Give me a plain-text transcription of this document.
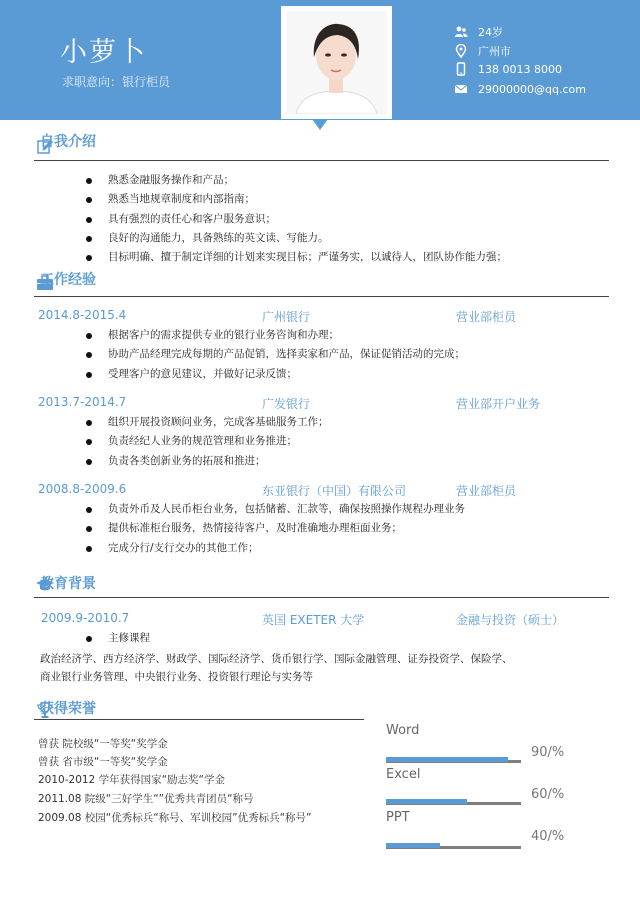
小萝卜
求职意向：银行柜员
24岁
广州市
138 0013 8000
29000000@qq.com
自我介绍
熟悉金融服务操作和产品；
熟悉当地规章制度和内部指南；
具有强烈的责任心和客户服务意识；
良好的沟通能力，具备熟练的英文读、写能力。
目标明确、擅于制定详细的计划来实现目标；严谨务实，以诚待人，团队协作能力强；
工作经验
2014.8-2015.4	广州银行	营业部柜员
根据客户的需求提供专业的银行业务咨询和办理；
协助产品经理完成每期的产品促销，选择卖家和产品，保证促销活动的完成；
受理客户的意见建议，并做好记录反馈；
2013.7-2014.7	广发银行	营业部开户业务
组织开展投资顾问业务，完成客基础服务工作；
负责经纪人业务的规范管理和业务推进；
负责各类创新业务的拓展和推进；
2008.8-2009.6	东亚银行（中国）有限公司	营业部柜员
负责外币及人民币柜台业务，包括储蓄、汇款等，确保按照操作规程办理业务
提供标准柜台服务，热情接待客户，及时准确地办理柜面业务；
完成分行/支行交办的其他工作；
教育背景
2009.9-2010.7	英国 EXETER 大学	金融与投资（硕士）
主修课程
政治经济学、西方经济学、财政学、国际经济学、货币银行学、国际金融管理、证券投资学、保险学、
商业银行业务管理、中央银行业务、投资银行理论与实务等
获得荣誉
曾获 院校级“一等奖“奖学金
曾获 省市级“一等奖“奖学金
2010-2012 学年获得国家“励志奖“学金
2011.08 院级“三好学生“”优秀共青团员“称号
2009.08 校园“优秀标兵“称号、军训校园”优秀标兵“称号”
Word
90/%
Excel
60/%
PPT
40/%
